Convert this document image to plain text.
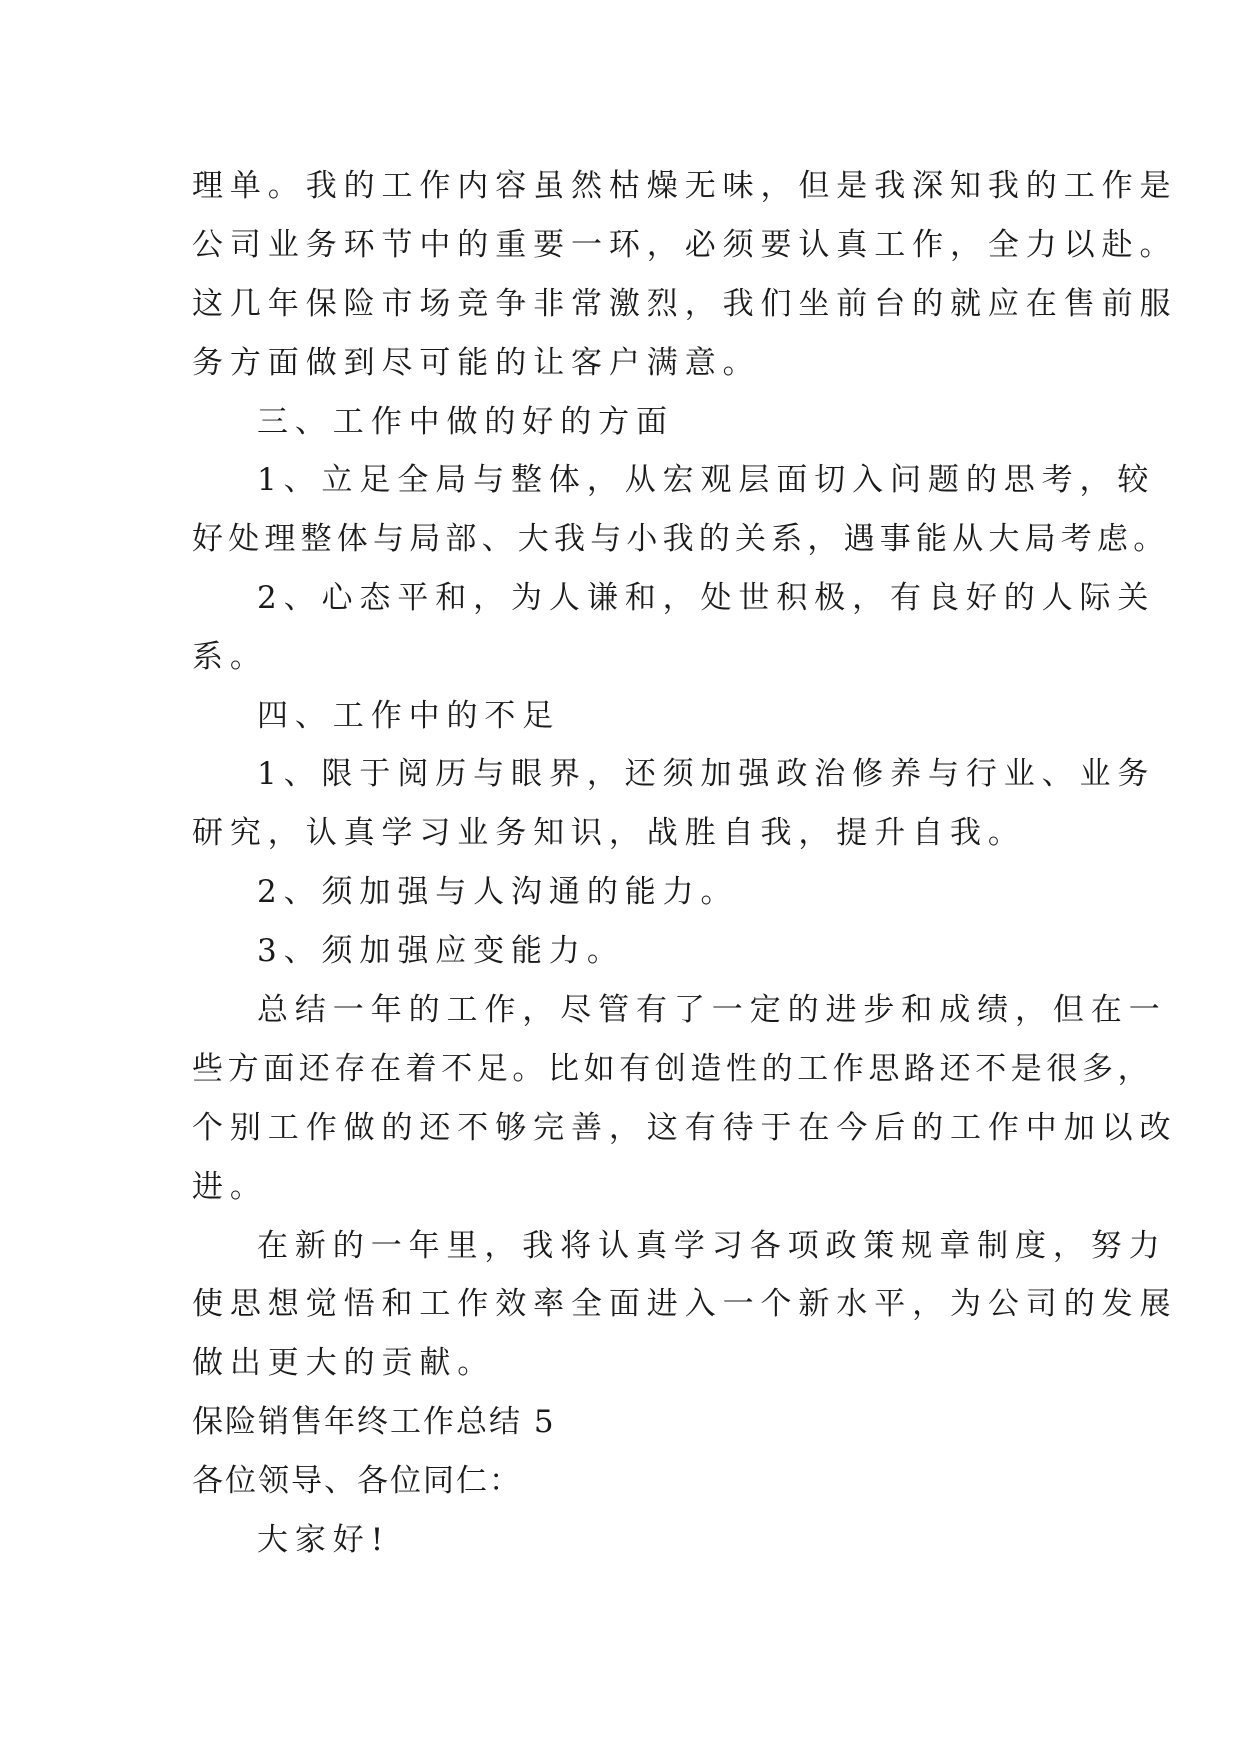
理单。我的工作内容虽然枯燥无味，但是我深知我的工作是
公司业务环节中的重要一环，必须要认真工作，全力以赴。
这几年保险市场竞争非常激烈，我们坐前台的就应在售前服
务方面做到尽可能的让客户满意。
三、工作中做的好的方面
1、立足全局与整体，从宏观层面切入问题的思考，较
好处理整体与局部、大我与小我的关系，遇事能从大局考虑。
2、心态平和，为人谦和，处世积极，有良好的人际关
系。
四、工作中的不足
1、限于阅历与眼界，还须加强政治修养与行业、业务
研究，认真学习业务知识，战胜自我，提升自我。
2、须加强与人沟通的能力。
3、须加强应变能力。
总结一年的工作，尽管有了一定的进步和成绩，但在一
些方面还存在着不足。比如有创造性的工作思路还不是很多，
个别工作做的还不够完善，这有待于在今后的工作中加以改
进。
在新的一年里，我将认真学习各项政策规章制度，努力
使思想觉悟和工作效率全面进入一个新水平，为公司的发展
做出更大的贡献。
保险销售年终工作总结 5
各位领导、各位同仁：
大家好!
